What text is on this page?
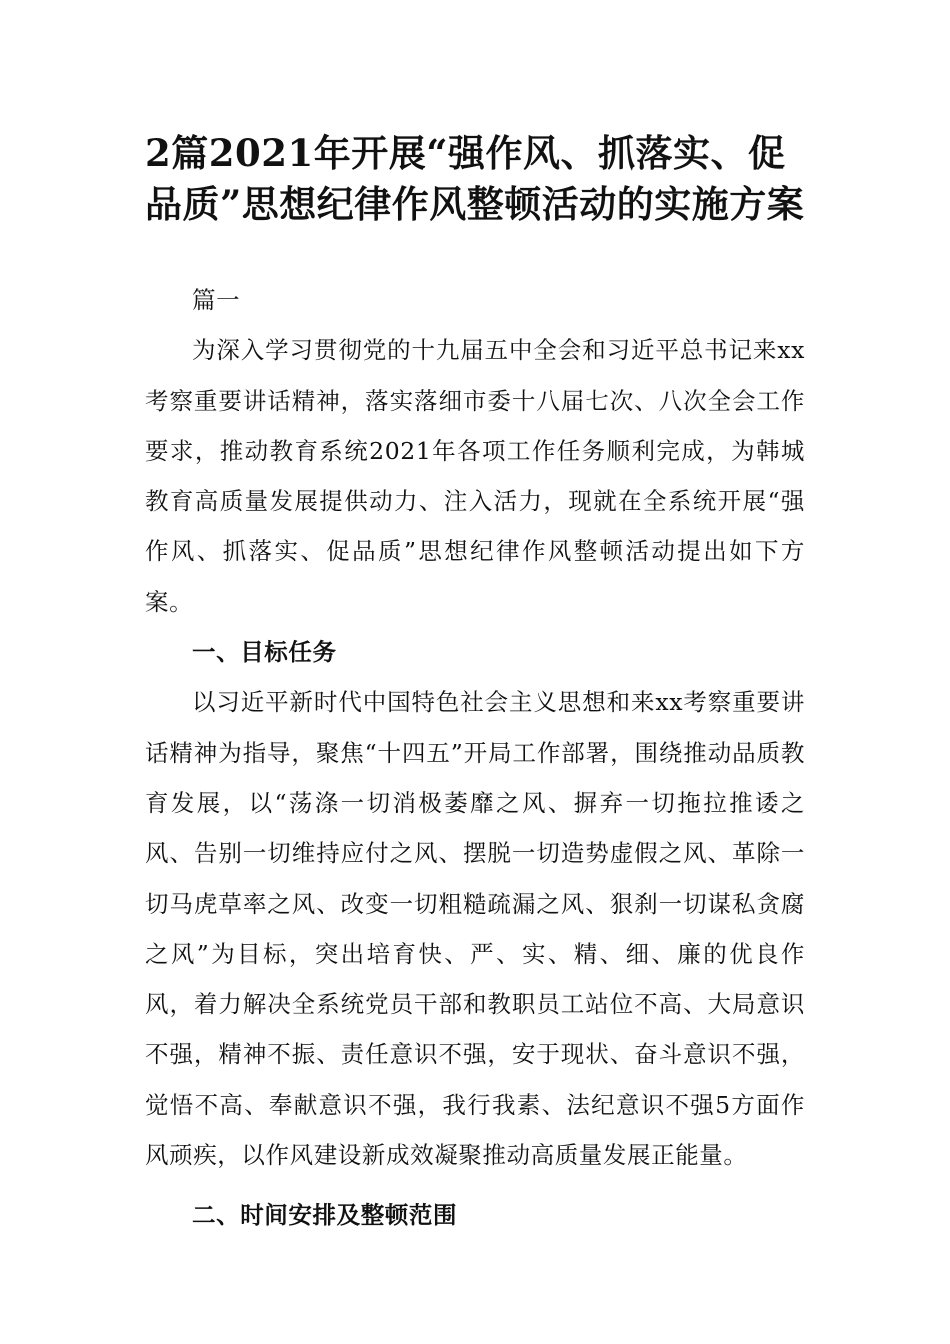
2篇2021年开展“强作风、抓落实、促品质”思想纪律作风整顿活动的实施方案

篇一

为深入学习贯彻党的十九届五中全会和习近平总书记来xx考察重要讲话精神，落实落细市委十八届七次、八次全会工作要求，推动教育系统2021年各项工作任务顺利完成，为韩城教育高质量发展提供动力、注入活力，现就在全系统开展“强作风、抓落实、促品质”思想纪律作风整顿活动提出如下方案。

一、目标任务

以习近平新时代中国特色社会主义思想和来xx考察重要讲话精神为指导，聚焦“十四五”开局工作部署，围绕推动品质教育发展，以“荡涤一切消极萎靡之风、摒弃一切拖拉推诿之风、告别一切维持应付之风、摆脱一切造势虚假之风、革除一切马虎草率之风、改变一切粗糙疏漏之风、狠刹一切谋私贪腐之风”为目标，突出培育快、严、实、精、细、廉的优良作风，着力解决全系统党员干部和教职员工站位不高、大局意识不强，精神不振、责任意识不强，安于现状、奋斗意识不强，觉悟不高、奉献意识不强，我行我素、法纪意识不强5方面作风顽疾，以作风建设新成效凝聚推动高质量发展正能量。

二、时间安排及整顿范围
